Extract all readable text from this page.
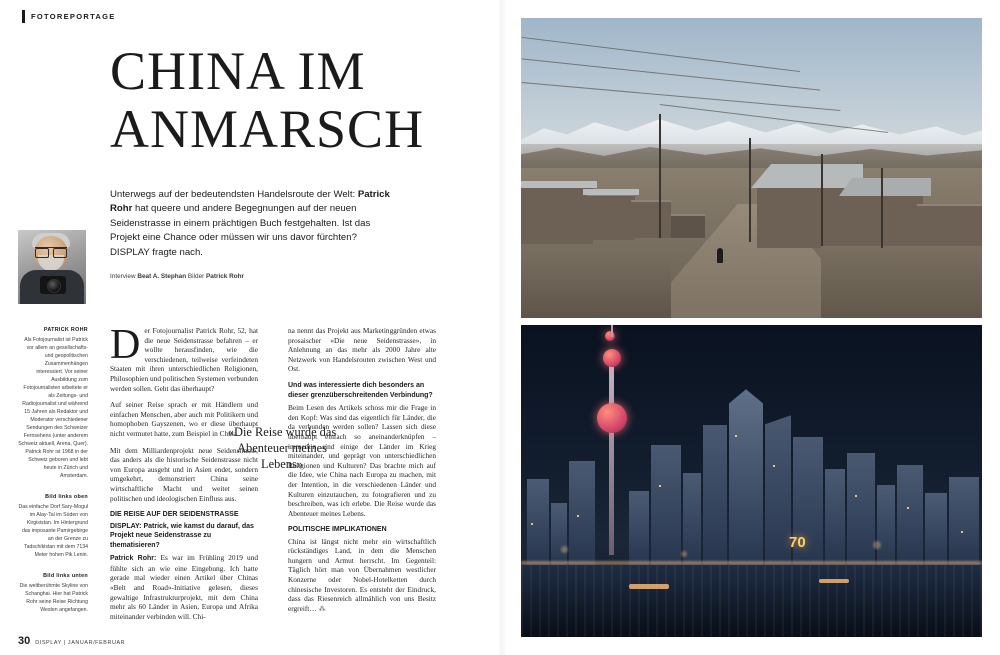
FOTOREPORTAGE
CHINA IM
ANMARSCH
Unterwegs auf der bedeutendsten Handelsroute der Welt: Patrick Rohr hat queere und andere Begegnungen auf der neuen Seidenstrasse in einem prächtigen Buch festgehalten. Ist das Projekt eine Chance oder müssen wir uns davor fürchten? DISPLAY fragte nach.
Interview Beat A. Stephan Bilder Patrick Rohr
PATRICK ROHR
Als Fotojournalist ist Patrick vor allem an gesellschafts- und geopolitischen Zusammenhängen interessiert. Vor seiner Ausbildung zum Fotojournalisten arbeitete er als Zeitungs- und Radiojournalist und während 15 Jahren als Redaktor und Moderator verschiedener Sendungen des Schweizer Fernsehens (unter anderem Schweiz aktuell, Arena, Quer). Patrick Rohr ist 1968 in der Schweiz geboren und lebt heute in Zürich und Amsterdam.
Bild links oben
Das einfache Dorf Sary-Mogul im Alay-Tal im Süden von Kirgisistan. Im Hintergrund das imposante Pamirgebirge an der Grenze zu Tadschikistan mit dem 7134 Meter hohen Pik Lenin.
Bild links unten
Die weltberühmte Skyline von Schanghai. Hier hat Patrick Rohr seine Reise Richtung Westen angefangen.

Der Fotojournalist Patrick Rohr, 52, hat die neue Seidenstrasse befahren – er wollte herausfinden, wie die verschiedenen, teilweise verfeindeten Staaten mit ihren unterschiedlichen Religionen, Philosophien und politischen Systemen verbunden werden sollen. Geht das überhaupt?

Auf seiner Reise sprach er mit Händlern und einfachen Menschen, aber auch mit Politikern und homophoben Gayszenen, wo er diese überhaupt nicht vermutet hatte, zum Beispiel in China.

Mit dem Milliardenprojekt neue Seidenstrasse, das anders als die historische Seidenstrasse nicht von Europa ausgeht und in Asien endet, sondern umgekehrt, demonstriert China seine wirtschaftliche Macht und weitet seinen politischen und ideologischen Einfluss aus.

DIE REISE AUF DER SEIDENSTRASSE
DISPLAY: Patrick, wie kamst du darauf, das Projekt neue Seidenstrasse zu thematisieren?

Patrick Rohr: Es war im Frühling 2019 und fühlte sich an wie eine Eingebung. Ich hatte gerade mal wieder einen Artikel über Chinas «Belt and Road»-Initiative gelesen, dieses gewaltige Infrastrukturprojekt, mit dem China mehr als 60 Länder in Asien, Europa und Afrika miteinander verbinden will. Chi-

na nennt das Projekt aus Marketinggründen etwas prosaischer «Die neue Seidenstrasse», in Anlehnung an das mehr als 2000 Jahre alte Netzwerk von Handelsrouten zwischen West und Ost.

Und was interessierte dich besonders an dieser grenzüberschreitenden Verbindung?

Beim Lesen des Artikels schoss mir die Frage in den Kopf: Was sind das eigentlich für Länder, die da verbunden werden sollen? Lassen sich diese überhaupt einfach so aneinanderknüpfen – immerhin sind einige der Länder im Krieg miteinander, und geprägt von unterschiedlichen Religionen und Kulturen? Das brachte mich auf die Idee, wie China nach Europa zu machen, mit der Intention, in die verschiedenen Länder und Kulturen einzutauchen, zu fotografieren und zu beschreiben, was ich erlebe. Die Reise wurde das Abenteuer meines Lebens.

POLITISCHE IMPLIKATIONEN

China ist längst nicht mehr ein wirtschaftlich rückständiges Land, in dem die Menschen hungern und Armut herrscht. Im Gegenteil: Täglich hört man von Übernahmen westlicher Konzerne oder Nobel-Hotelketten durch chinesische Investoren. Es entsteht der Eindruck, dass das Riesenreich allmählich von uns Besitz ergreift… ⁂

«Die Reise wurde das Abenteuer meines Lebens»
30 DISPLAY | JANUAR/FEBRUAR
70
